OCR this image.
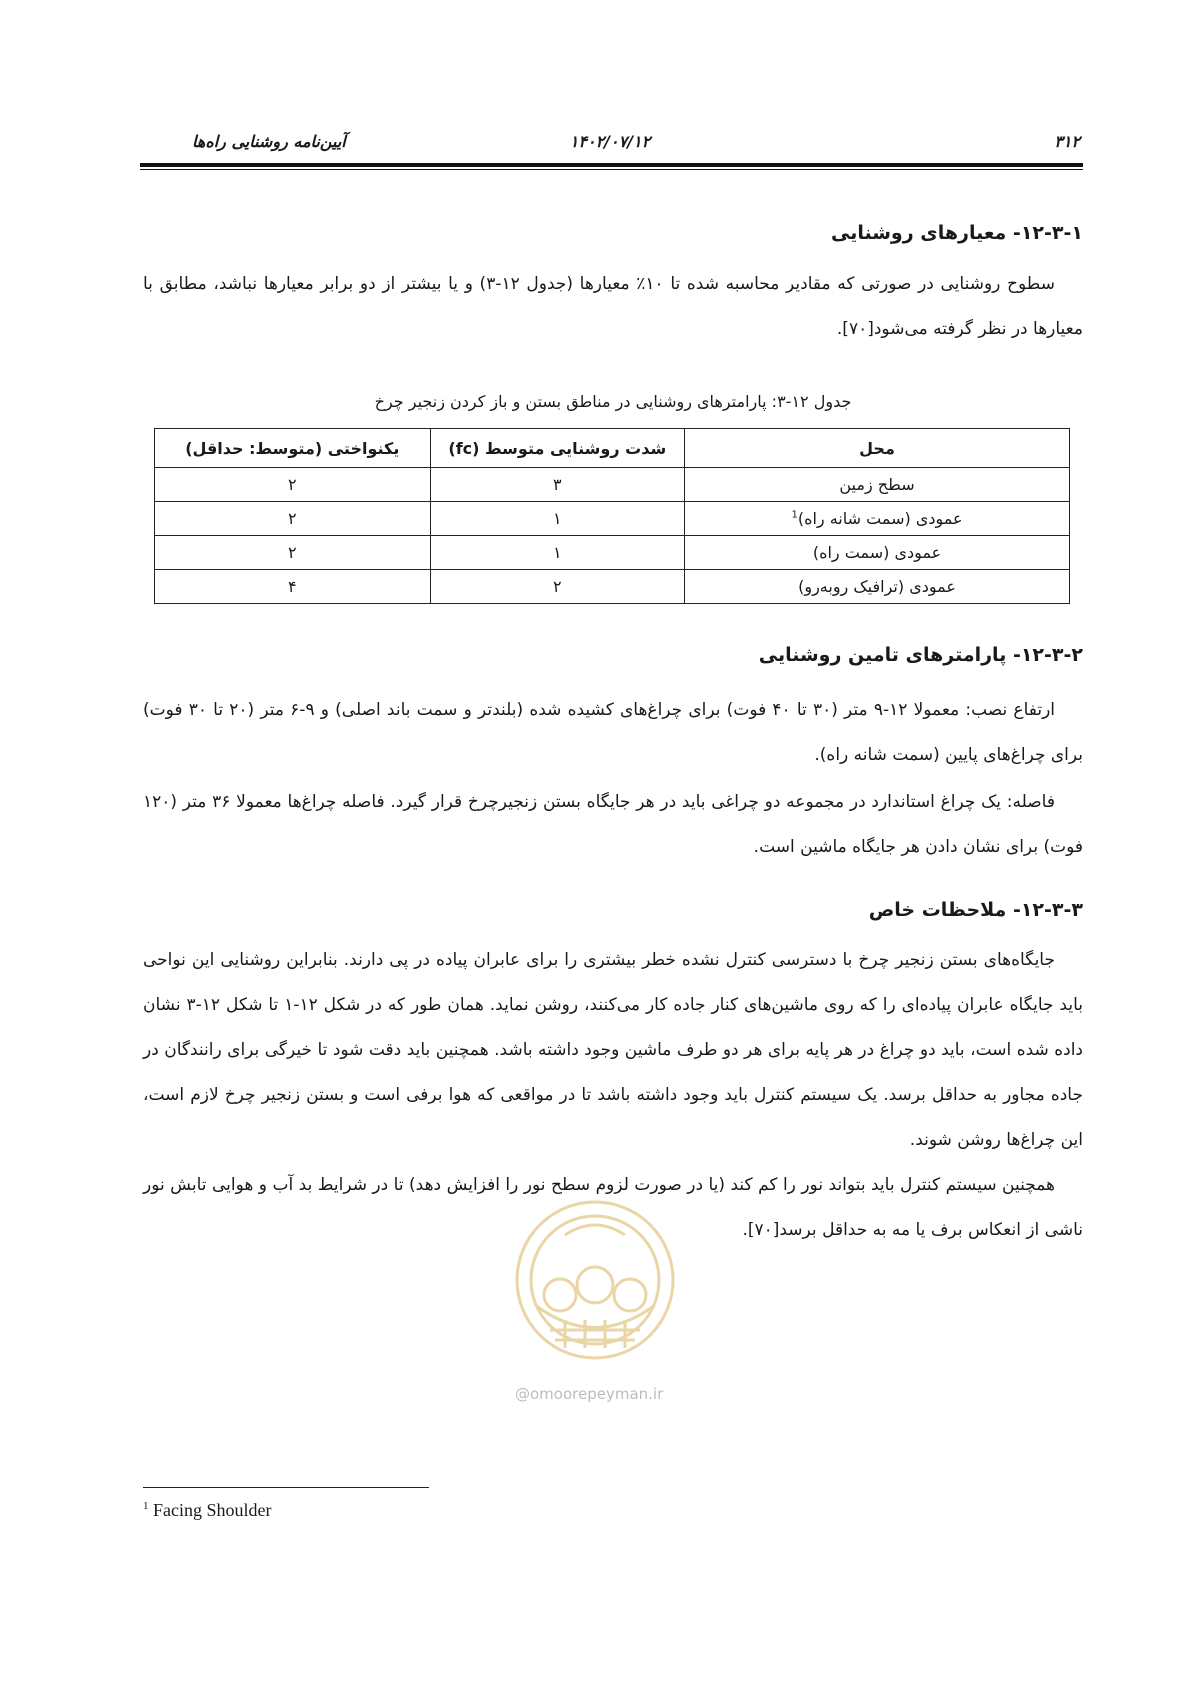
۳۱۲
۱۴۰۲/۰۷/۱۲
آیین‌نامه روشنایی راه‌ها
۱۲-۳-۱- معیارهای روشنایی
سطوح روشنایی در صورتی که مقادیر محاسبه شده تا ۱۰٪ معیارها (جدول ۱۲-۳) و یا بیشتر از دو برابر معیارها نباشد، مطابق با معیارها در نظر گرفته می‌شود[۷۰].
جدول ۱۲-۳: پارامترهای روشنایی در مناطق بستن و باز کردن زنجیر چرخ
محل	شدت روشنایی متوسط (fc)	یکنواختی (متوسط: حداقل)
سطح زمین	۳	۲
عمودی (سمت شانه راه)$^1$	۱	۲
عمودی (سمت راه)	۱	۲
عمودی (ترافیک روبه‌رو)	۲	۴
۱۲-۳-۲- پارامترهای تامین روشنایی
ارتفاع نصب: معمولا ۱۲-۹ متر (۳۰ تا ۴۰ فوت) برای چراغ‌های کشیده شده (بلندتر و سمت باند اصلی) و ۹-۶ متر (۲۰ تا ۳۰ فوت) برای چراغ‌های پایین (سمت شانه راه).
فاصله: یک چراغ استاندارد در مجموعه دو چراغی باید در هر جایگاه بستن زنجیرچرخ قرار گیرد. فاصله چراغ‌ها معمولا ۳۶ متر (۱۲۰ فوت) برای نشان دادن هر جایگاه ماشین است.
۱۲-۳-۳- ملاحظات خاص
جایگاه‌های بستن زنجیر چرخ با دسترسی کنترل نشده خطر بیشتری را برای عابران پیاده در پی دارند. بنابراین روشنایی این نواحی باید جایگاه عابران پیاده‌ای را که روی ماشین‌های کنار جاده کار می‌کنند، روشن نماید. همان طور که در شکل ۱۲-۱ تا شکل ۱۲-۳ نشان داده شده است، باید دو چراغ در هر پایه برای هر دو طرف ماشین وجود داشته باشد. همچنین باید دقت شود تا خیرگی برای رانندگان در جاده مجاور به حداقل برسد. یک سیستم کنترل باید وجود داشته باشد تا در مواقعی که هوا برفی است و بستن زنجیر چرخ لازم است، این چراغ‌ها روشن شوند.
همچنین سیستم کنترل باید بتواند نور را کم کند (یا در صورت لزوم سطح نور را افزایش دهد) تا در شرایط بد آب و هوایی تابش نور ناشی از انعکاس برف یا مه به حداقل برسد[۷۰].
@omoorepeyman.ir
$^1$ Facing Shoulder
